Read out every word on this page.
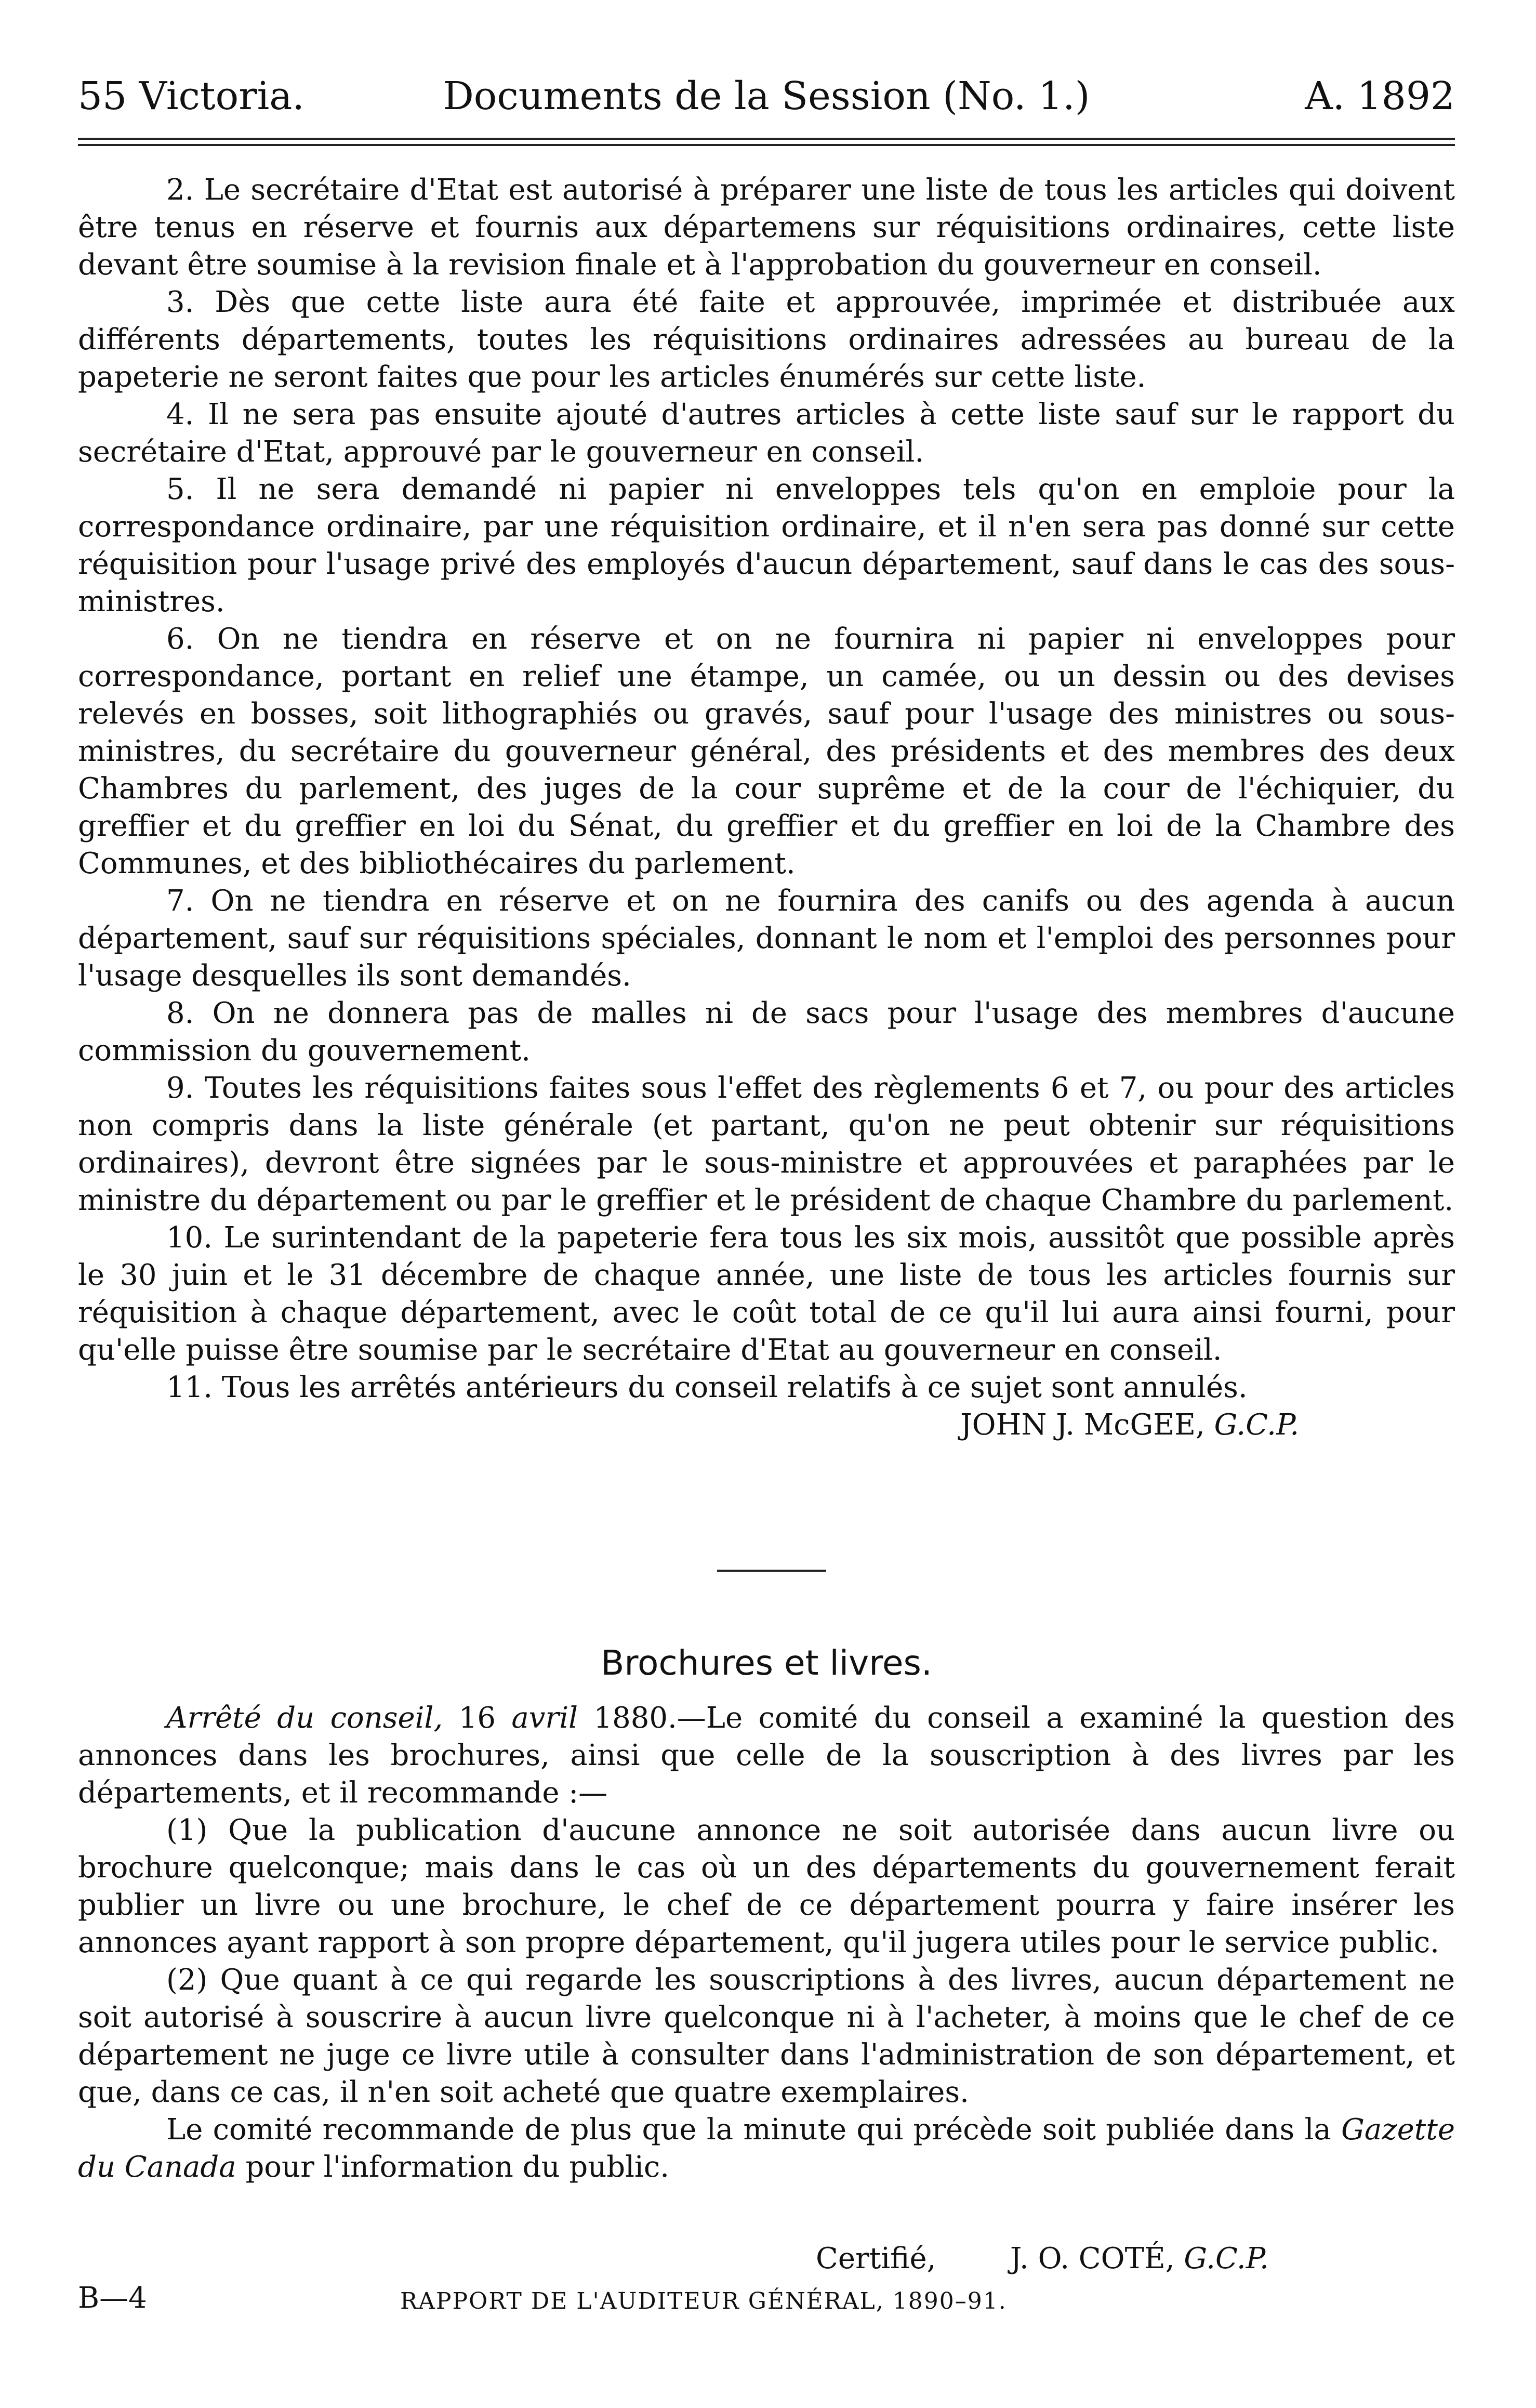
55 Victoria.	Documents de la Session (No. 1.)	A. 1892

2. Le secrétaire d'Etat est autorisé à préparer une liste de tous les articles qui doivent être tenus en réserve et fournis aux départemens sur réquisitions ordinaires, cette liste devant être soumise à la revision finale et à l'approbation du gouverneur en conseil.

3. Dès que cette liste aura été faite et approuvée, imprimée et distribuée aux différents départements, toutes les réquisitions ordinaires adressées au bureau de la papeterie ne seront faites que pour les articles énumérés sur cette liste.

4. Il ne sera pas ensuite ajouté d'autres articles à cette liste sauf sur le rapport du secrétaire d'Etat, approuvé par le gouverneur en conseil.

5. Il ne sera demandé ni papier ni enveloppes tels qu'on en emploie pour la correspondance ordinaire, par une réquisition ordinaire, et il n'en sera pas donné sur cette réquisition pour l'usage privé des employés d'aucun département, sauf dans le cas des sous-ministres.

6. On ne tiendra en réserve et on ne fournira ni papier ni enveloppes pour correspondance, portant en relief une étampe, un camée, ou un dessin ou des devises relevés en bosses, soit lithographiés ou gravés, sauf pour l'usage des ministres ou sous-ministres, du secrétaire du gouverneur général, des présidents et des membres des deux Chambres du parlement, des juges de la cour suprême et de la cour de l'échiquier, du greffier et du greffier en loi du Sénat, du greffier et du greffier en loi de la Chambre des Communes, et des bibliothécaires du parlement.

7. On ne tiendra en réserve et on ne fournira des canifs ou des agenda à aucun département, sauf sur réquisitions spéciales, donnant le nom et l'emploi des personnes pour l'usage desquelles ils sont demandés.

8. On ne donnera pas de malles ni de sacs pour l'usage des membres d'aucune commission du gouvernement.

9. Toutes les réquisitions faites sous l'effet des règlements 6 et 7, ou pour des articles non compris dans la liste générale (et partant, qu'on ne peut obtenir sur réquisitions ordinaires), devront être signées par le sous-ministre et approuvées et paraphées par le ministre du département ou par le greffier et le président de chaque Chambre du parlement.

10. Le surintendant de la papeterie fera tous les six mois, aussitôt que possible après le 30 juin et le 31 décembre de chaque année, une liste de tous les articles fournis sur réquisition à chaque département, avec le coût total de ce qu'il lui aura ainsi fourni, pour qu'elle puisse être soumise par le secrétaire d'Etat au gouverneur en conseil.

11. Tous les arrêtés antérieurs du conseil relatifs à ce sujet sont annulés.

JOHN J. McGEE, G.C.P.

Brochures et livres.

Arrêté du conseil, 16 avril 1880.—Le comité du conseil a examiné la question des annonces dans les brochures, ainsi que celle de la souscription à des livres par les départements, et il recommande :—

(1) Que la publication d'aucune annonce ne soit autorisée dans aucun livre ou brochure quelconque; mais dans le cas où un des départements du gouvernement ferait publier un livre ou une brochure, le chef de ce département pourra y faire insérer les annonces ayant rapport à son propre département, qu'il jugera utiles pour le service public.

(2) Que quant à ce qui regarde les souscriptions à des livres, aucun département ne soit autorisé à souscrire à aucun livre quelconque ni à l'acheter, à moins que le chef de ce département ne juge ce livre utile à consulter dans l'administration de son département, et que, dans ce cas, il n'en soit acheté que quatre exemplaires.

Le comité recommande de plus que la minute qui précède soit publiée dans la Gazette du Canada pour l'information du public.

Certifié,	J. O. COTÉ, G.C.P.
B—4	RAPPORT DE L'AUDITEUR GÉNÉRAL, 1890–91.
